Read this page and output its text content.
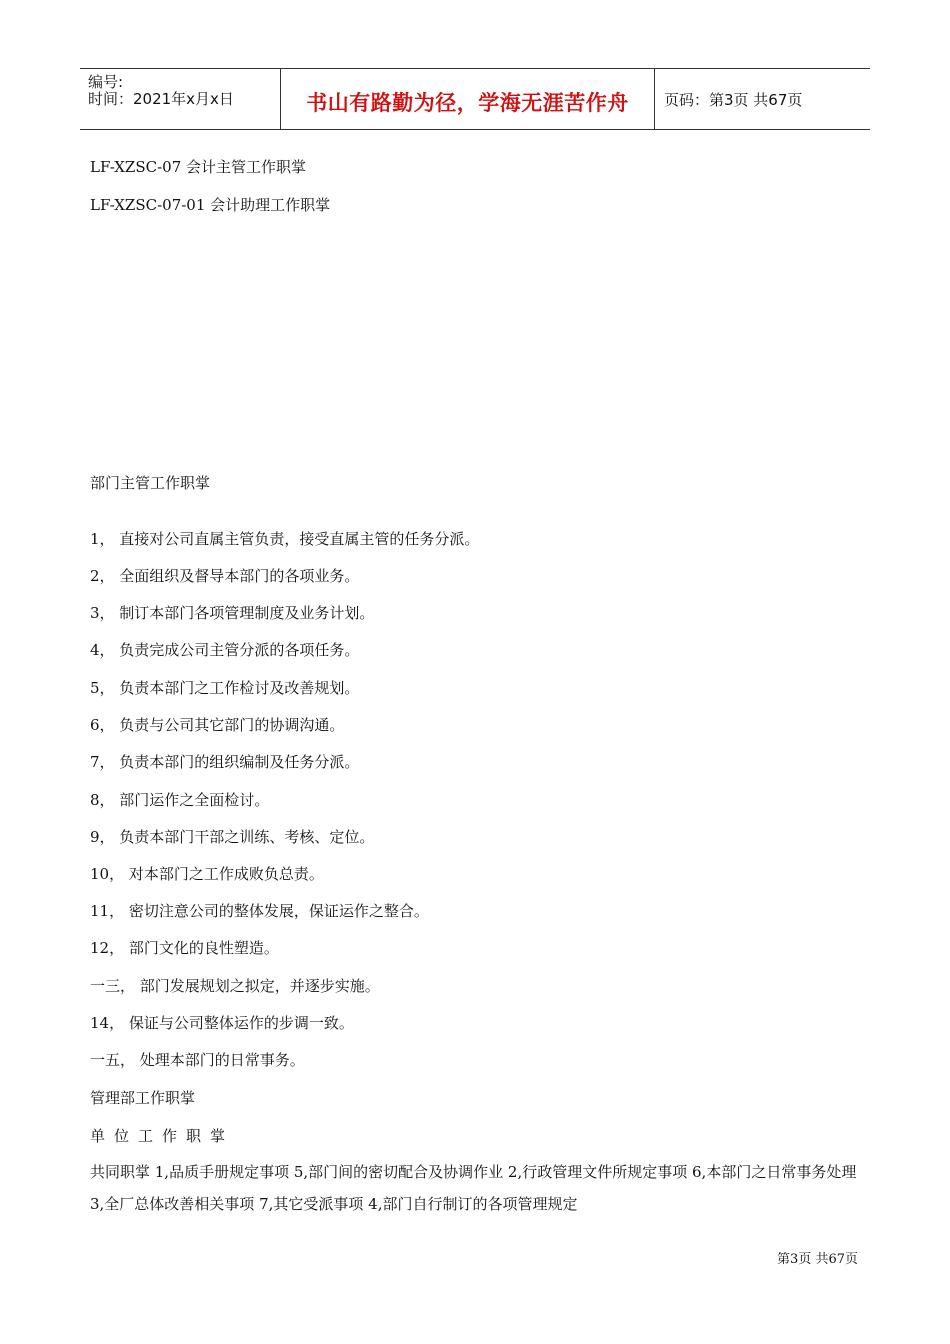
编号:
时间：2021年x月x日	书山有路勤为径，学海无涯苦作舟	页码：第3页 共67页
LF-XZSC-07 会计主管工作职掌
LF-XZSC-07-01 会计助理工作职掌
部门主管工作职掌
1， 直接对公司直属主管负责，接受直属主管的任务分派。
2， 全面组织及督导本部门的各项业务。
3， 制订本部门各项管理制度及业务计划。
4， 负责完成公司主管分派的各项任务。
5， 负责本部门之工作检讨及改善规划。
6， 负责与公司其它部门的协调沟通。
7， 负责本部门的组织编制及任务分派。
8， 部门运作之全面检讨。
9， 负责本部门干部之训练、考核、定位。
10， 对本部门之工作成败负总责。
11， 密切注意公司的整体发展，保证运作之整合。
12， 部门文化的良性塑造。
一三， 部门发展规划之拟定，并逐步实施。
14， 保证与公司整体运作的步调一致。
一五， 处理本部门的日常事务。
管理部工作职掌
单位工作职掌
共同职掌 1,品质手册规定事项 5,部门间的密切配合及协调作业 2,行政管理文件所规定事项 6,本部门之日常事务处理 3,全厂总体改善相关事项 7,其它受派事项 4,部门自行制订的各项管理规定
第3页 共67页
